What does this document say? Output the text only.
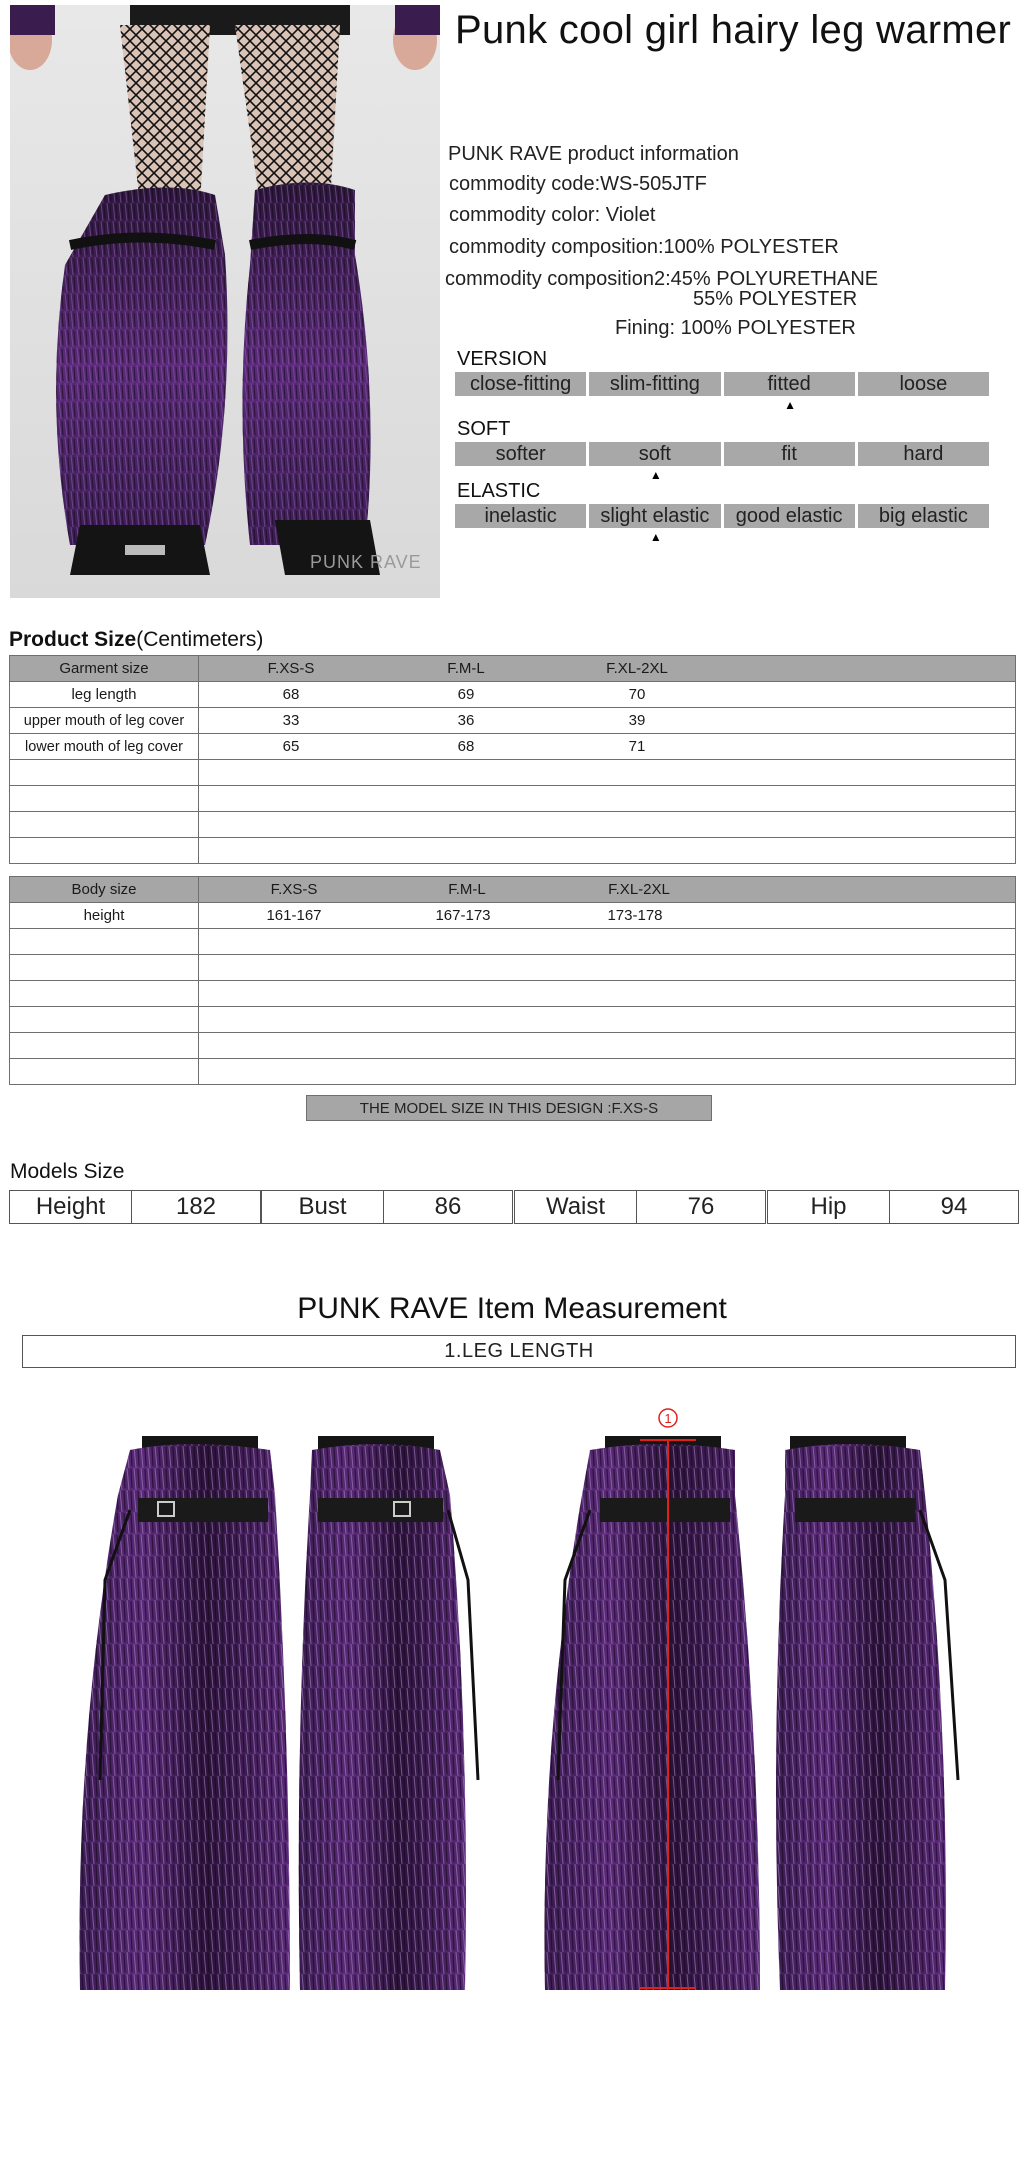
PUNK RAVE
Punk cool girl hairy leg warmer
PUNK RAVE product information
commodity code:WS-505JTF
commodity color: Violet
commodity composition:100% POLYESTER
commodity composition2:45% POLYURETHANE
55% POLYESTER
Fining: 100% POLYESTER
VERSION
close-fitting	slim-fitting	fitted	loose
▲
SOFT
softer	soft	fit	hard
▲
ELASTIC
inelastic	slight elastic	good elastic	big elastic
▲
Product Size(Centimeters)
Garment size	F.XS-S F.M-L F.XL-2XL

leg length	68 69 70

upper mouth of leg cover	33 36 39

lower mouth of leg cover	65 68 71

Body size	F.XS-S F.M-L F.XL-2XL

height	161-167 167-173 173-178

THE MODEL SIZE IN THIS DESIGN :F.XS-S
Models Size
Height	182	Bust	86	Waist	76	Hip	94
PUNK RAVE Item Measurement
1.LEG LENGTH
1
